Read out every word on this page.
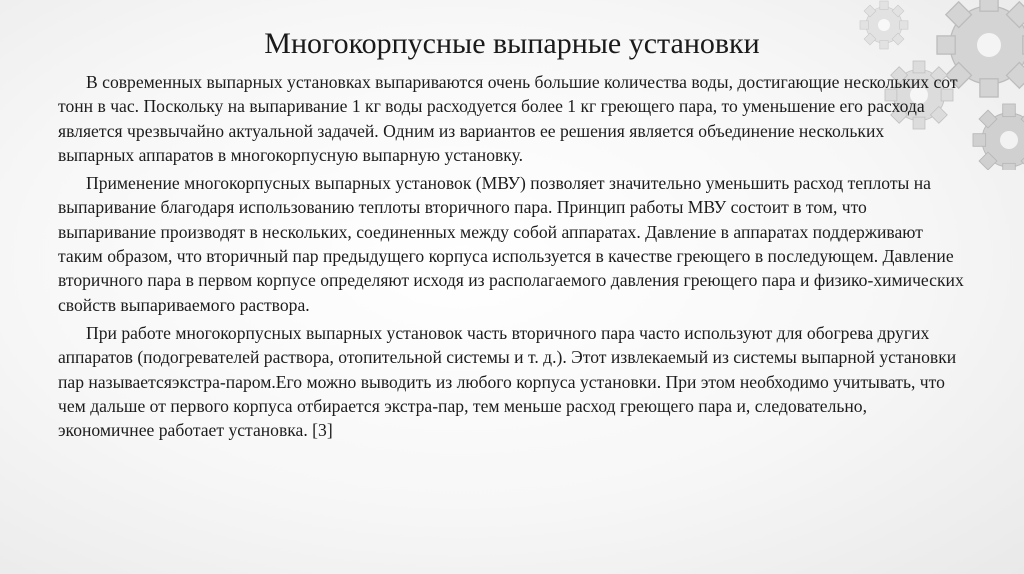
Многокорпусные выпарные установки

В современных выпарных установках выпариваются очень большие количества воды, достигающие нескольких сот тонн в час. Поскольку на выпаривание 1 кг воды расходуется более 1 кг греющего пара, то уменьшение его расхода является чрезвычайно актуальной задачей. Одним из вариантов ее решения является объединение нескольких выпарных аппаратов в многокорпусную выпарную установку.

Применение многокорпусных выпарных установок (МВУ) позволяет значительно уменьшить расход теплоты на выпаривание благодаря использованию теплоты вторичного пара. Принцип работы МВУ состоит в том, что выпаривание производят в нескольких, соединенных между собой аппаратах. Давление в аппаратах поддерживают таким образом, что вторичный пар предыдущего корпуса используется в качестве греющего в последующем. Давление вторичного пара в первом корпусе определяют исходя из располагаемого давления греющего пара и физико-химических свойств выпариваемого раствора.

При работе многокорпусных выпарных установок часть вторичного пара часто используют для обогрева других аппаратов (подогревателей раствора, отопительной системы и т. д.). Этот извлекаемый из системы выпарной установки пар называетсяэкстра-паром.Его можно выводить из любого корпуса установки. При этом необходимо учитывать, что чем дальше от первого корпуса отбирается экстра-пар, тем меньше расход греющего пара и, следовательно, экономичнее работает установка. [3]
